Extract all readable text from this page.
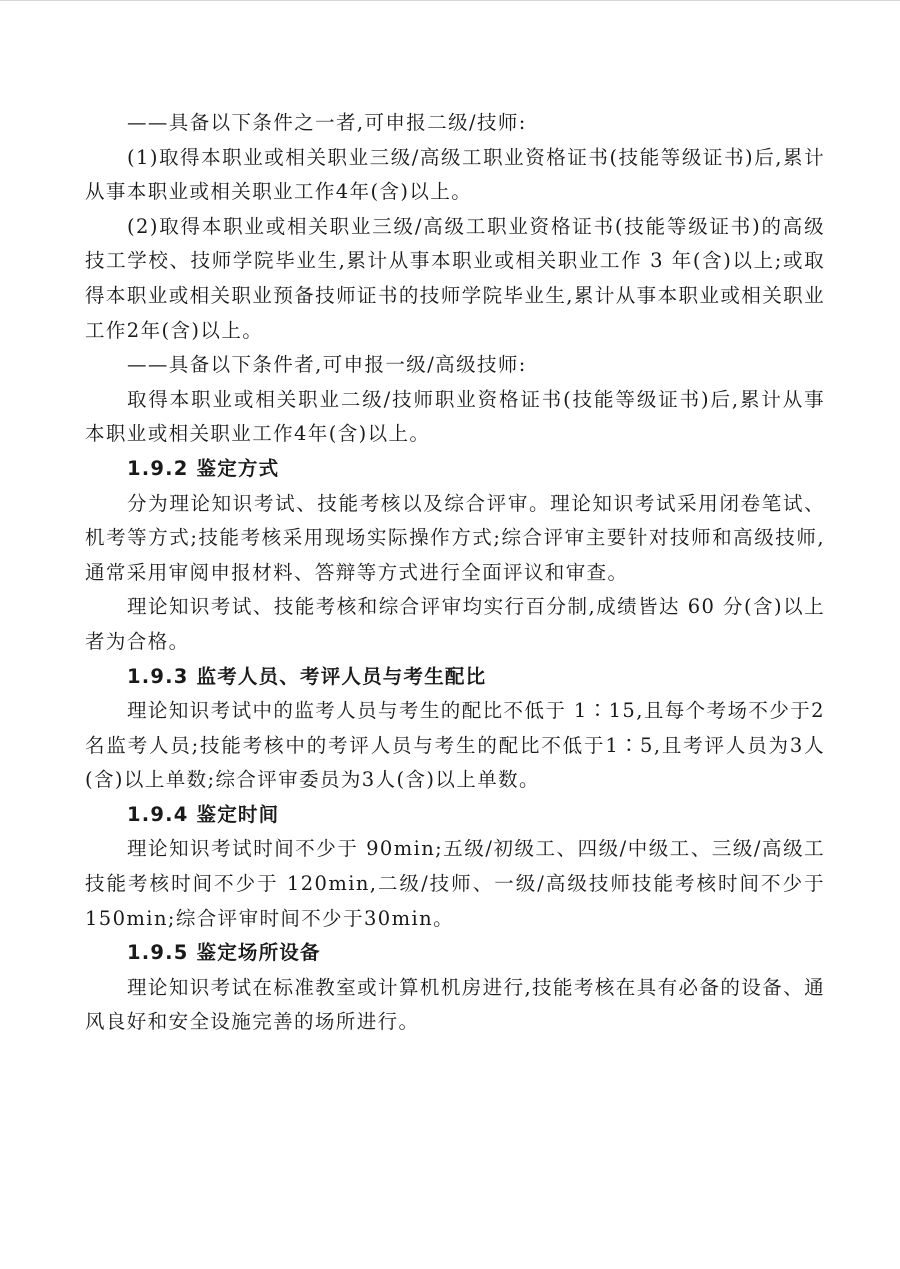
——具备以下条件之一者,可申报二级/技师:

(1)取得本职业或相关职业三级/高级工职业资格证书(技能等级证书)后,累计从事本职业或相关职业工作4年(含)以上。

(2)取得本职业或相关职业三级/高级工职业资格证书(技能等级证书)的高级技工学校、技师学院毕业生,累计从事本职业或相关职业工作 3 年(含)以上;或取得本职业或相关职业预备技师证书的技师学院毕业生,累计从事本职业或相关职业工作2年(含)以上。

——具备以下条件者,可申报一级/高级技师:

取得本职业或相关职业二级/技师职业资格证书(技能等级证书)后,累计从事本职业或相关职业工作4年(含)以上。

1.9.2 鉴定方式

分为理论知识考试、技能考核以及综合评审。理论知识考试采用闭卷笔试、机考等方式;技能考核采用现场实际操作方式;综合评审主要针对技师和高级技师,通常采用审阅申报材料、答辩等方式进行全面评议和审查。

理论知识考试、技能考核和综合评审均实行百分制,成绩皆达 60 分(含)以上者为合格。

1.9.3 监考人员、考评人员与考生配比

理论知识考试中的监考人员与考生的配比不低于 1∶15,且每个考场不少于2名监考人员;技能考核中的考评人员与考生的配比不低于1∶5,且考评人员为3人(含)以上单数;综合评审委员为3人(含)以上单数。

1.9.4 鉴定时间

理论知识考试时间不少于 90min;五级/初级工、四级/中级工、三级/高级工技能考核时间不少于 120min,二级/技师、一级/高级技师技能考核时间不少于150min;综合评审时间不少于30min。

1.9.5 鉴定场所设备

理论知识考试在标准教室或计算机机房进行,技能考核在具有必备的设备、通风良好和安全设施完善的场所进行。
